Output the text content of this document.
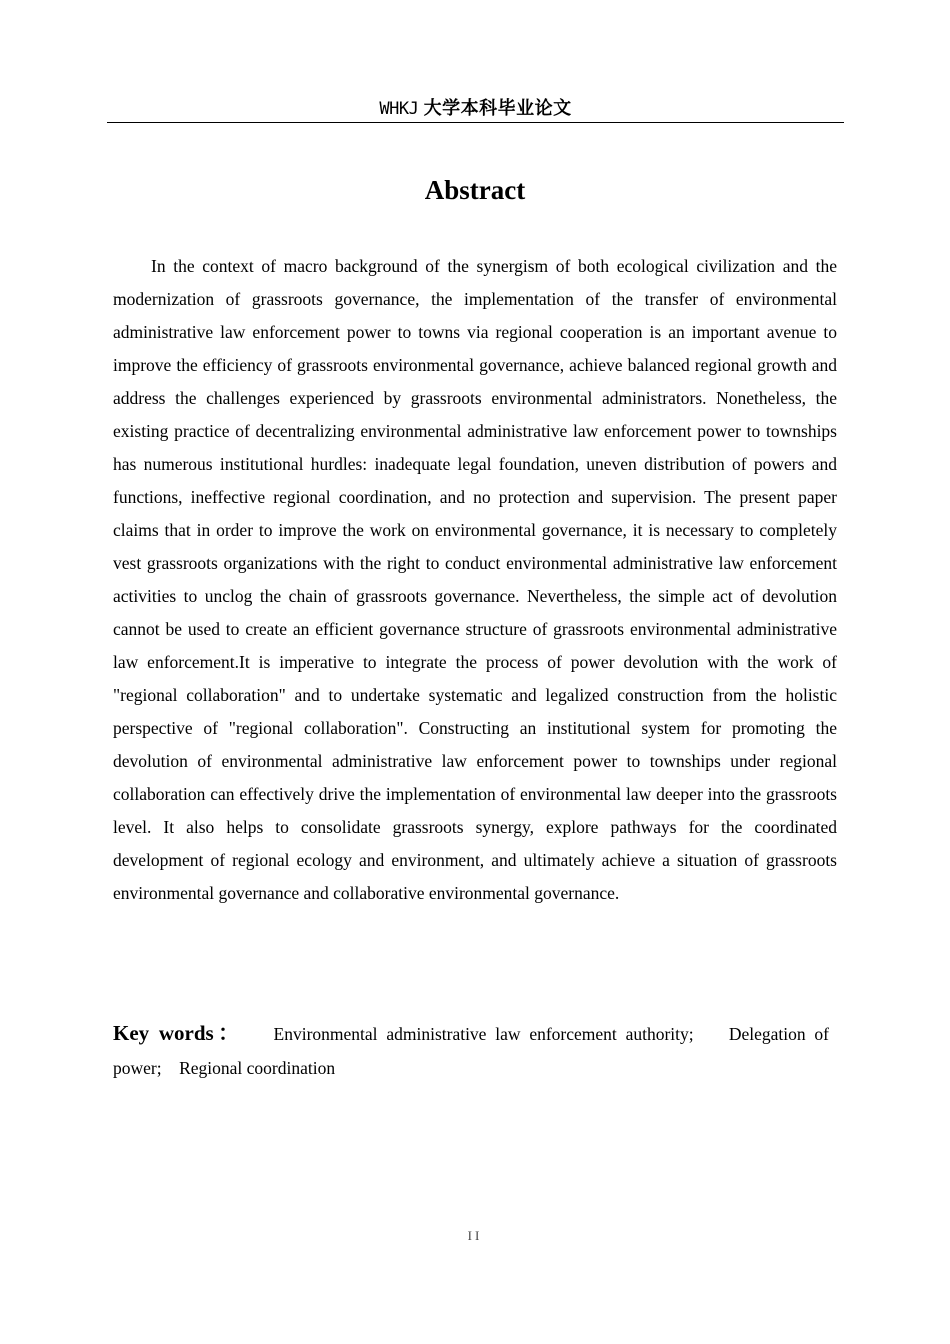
WHKJ 大学本科毕业论文
Abstract

In the context of macro background of the synergism of both ecological civilization and the modernization of grassroots governance, the implementation of the transfer of environmental administrative law enforcement power to towns via regional cooperation is an important avenue to improve the efficiency of grassroots environmental governance, achieve balanced regional growth and address the challenges experienced by grassroots environmental administrators. Nonetheless, the existing practice of decentralizing environmental administrative law enforcement power to townships has numerous institutional hurdles: inadequate legal foundation, uneven distribution of powers and functions, ineffective regional coordination, and no protection and supervision. The present paper claims that in order to improve the work on environmental governance, it is necessary to completely vest grassroots organizations with the right to conduct environmental administrative law enforcement activities to unclog the chain of grassroots governance. Nevertheless, the simple act of devolution cannot be used to create an efficient governance structure of grassroots environmental administrative law enforcement.It is imperative to integrate the process of power devolution with the work of "regional collaboration" and to undertake systematic and legalized construction from the holistic perspective of "regional collaboration". Constructing an institutional system for promoting the devolution of environmental administrative law enforcement power to townships under regional collaboration can effectively drive the implementation of environmental law deeper into the grassroots level. It also helps to consolidate grassroots synergy, explore pathways for the coordinated development of regional ecology and environment, and ultimately achieve a situation of grassroots environmental governance and collaborative environmental governance.

Key words： Environmental administrative law enforcement authority; Delegation of power; Regional coordination

II
